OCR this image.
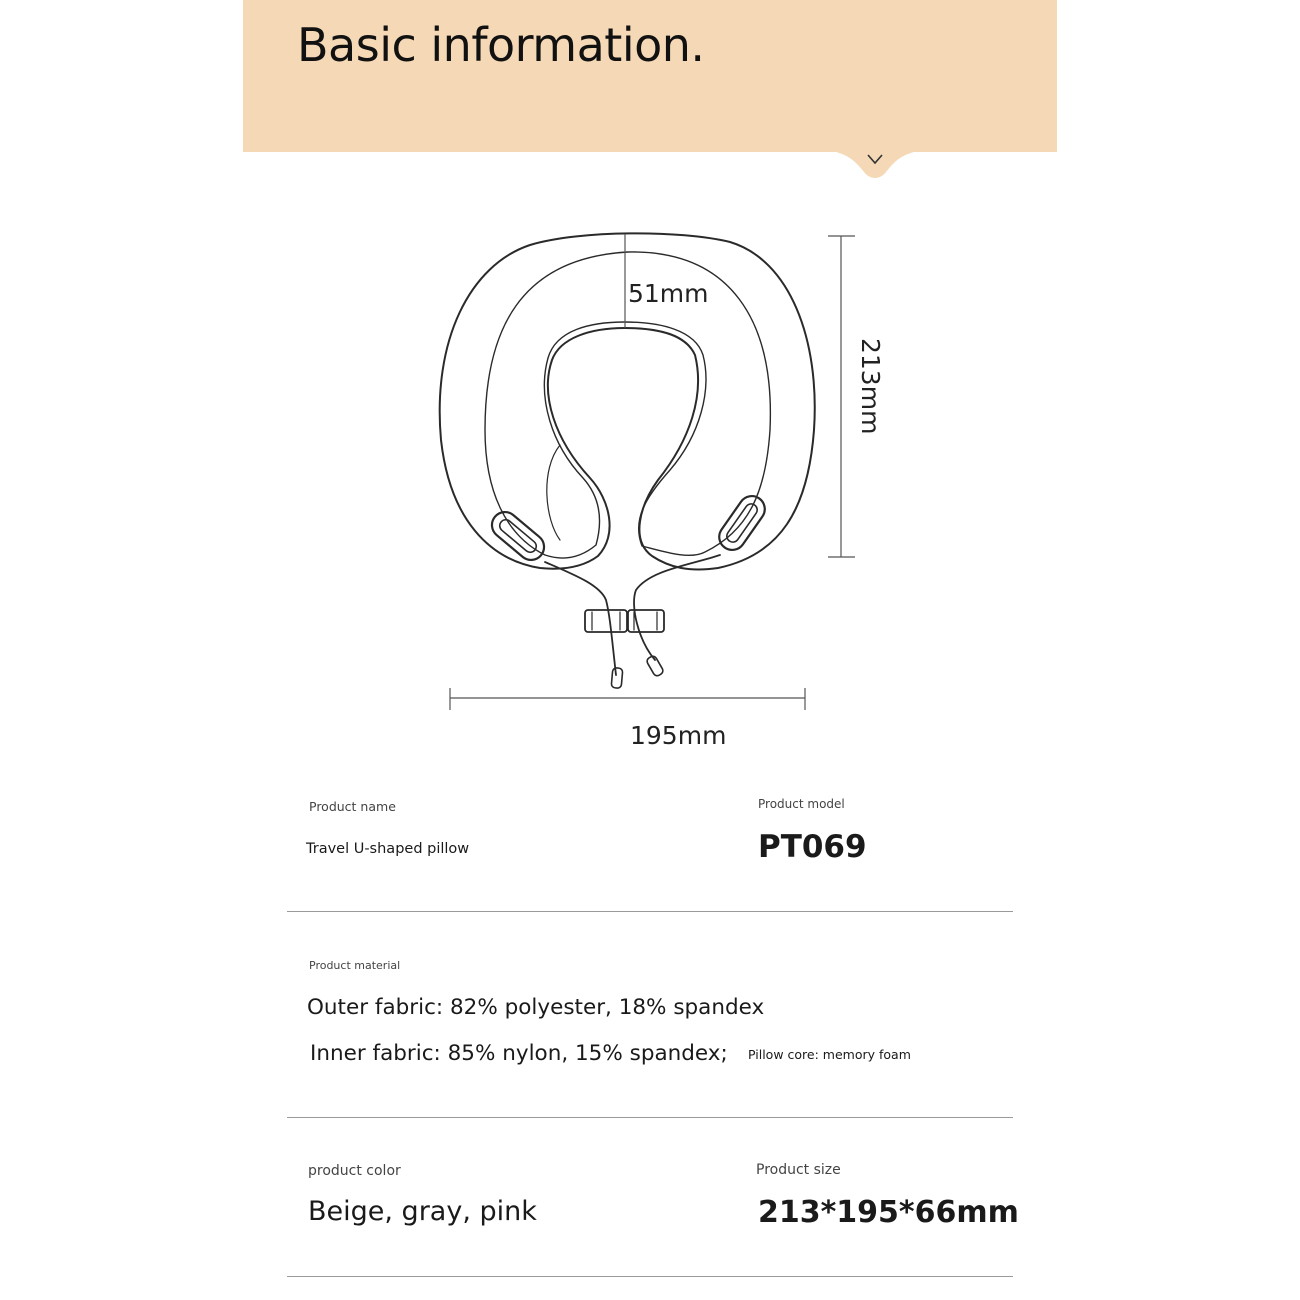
Basic information.
51mm
213mm
195mm
Product name
Travel U-shaped pillow
Product model
PT069
Product material
Outer fabric: 82% polyester, 18% spandex
Inner fabric: 85% nylon, 15% spandex; Pillow core: memory foam
product color
Beige, gray, pink
Product size
213*195*66mm
